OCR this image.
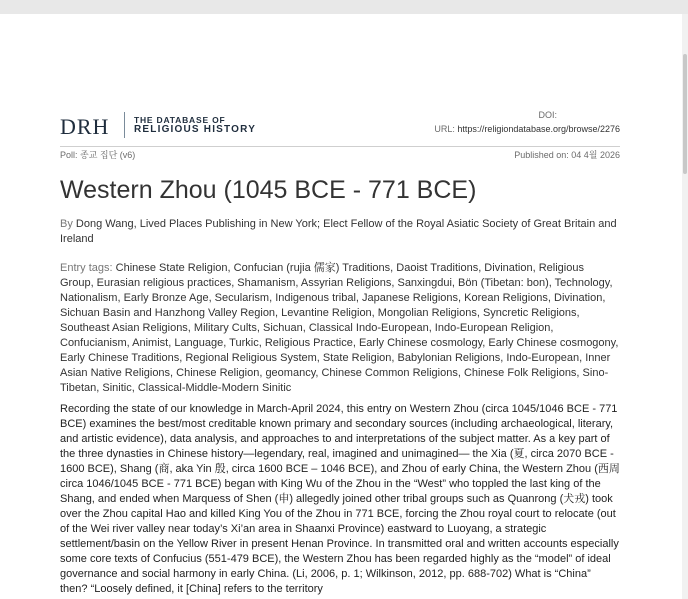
DRH	THE DATABASE OF
RELIGIOUS HISTORY
DOI:
URL: https://religiondatabase.org/browse/2276
Poll: 종교 집단 (v6)	Published on: 04 4월 2026
Western Zhou (1045 BCE - 771 BCE)
By Dong Wang, Lived Places Publishing in New York; Elect Fellow of the Royal Asiatic Society of Great Britain and Ireland
Entry tags: Chinese State Religion, Confucian (rujia 儒家) Traditions, Daoist Traditions, Divination, Religious Group, Eurasian religious practices, Shamanism, Assyrian Religions, Sanxingdui, Bön (Tibetan: bon), Technology, Nationalism, Early Bronze Age, Secularism, Indigenous tribal, Japanese Religions, Korean Religions, Divination, Sichuan Basin and Hanzhong Valley Region, Levantine Religion, Mongolian Religions, Syncretic Religions, Southeast Asian Religions, Military Cults, Sichuan, Classical Indo-European, Indo-European Religion, Confucianism, Animist, Language, Turkic, Religious Practice, Early Chinese cosmology, Early Chinese cosmogony, Early Chinese Traditions, Regional Religious System, State Religion, Babylonian Religions, Indo-European, Inner Asian Native Religions, Chinese Religion, geomancy, Chinese Common Religions, Chinese Folk Religions, Sino-Tibetan, Sinitic, Classical-Middle-Modern Sinitic
Recording the state of our knowledge in March-April 2024, this entry on Western Zhou (circa 1045/1046 BCE - 771 BCE) examines the best/most creditable known primary and secondary sources (including archaeological, literary, and artistic evidence), data analysis, and approaches to and interpretations of the subject matter. As a key part of the three dynasties in Chinese history—legendary, real, imagined and unimagined— the Xia (夏, circa 2070 BCE - 1600 BCE), Shang (商, aka Yin 殷, circa 1600 BCE – 1046 BCE), and Zhou of early China, the Western Zhou (西周 circa 1046/1045 BCE - 771 BCE) began with King Wu of the Zhou in the “West” who toppled the last king of the Shang, and ended when Marquess of Shen (申) allegedly joined other tribal groups such as Quanrong (犬戎) took over the Zhou capital Hao and killed King You of the Zhou in 771 BCE, forcing the Zhou royal court to relocate (out of the Wei river valley near today’s Xi’an area in Shaanxi Province) eastward to Luoyang, a strategic settlement/basin on the Yellow River in present Henan Province. In transmitted oral and written accounts especially some core texts of Confucius (551-479 BCE), the Western Zhou has been regarded highly as the “model” of ideal governance and social harmony in early China. (Li, 2006, p. 1; Wilkinson, 2012, pp. 688-702) What is “China” then? “Loosely defined, it [China] refers to the territory
